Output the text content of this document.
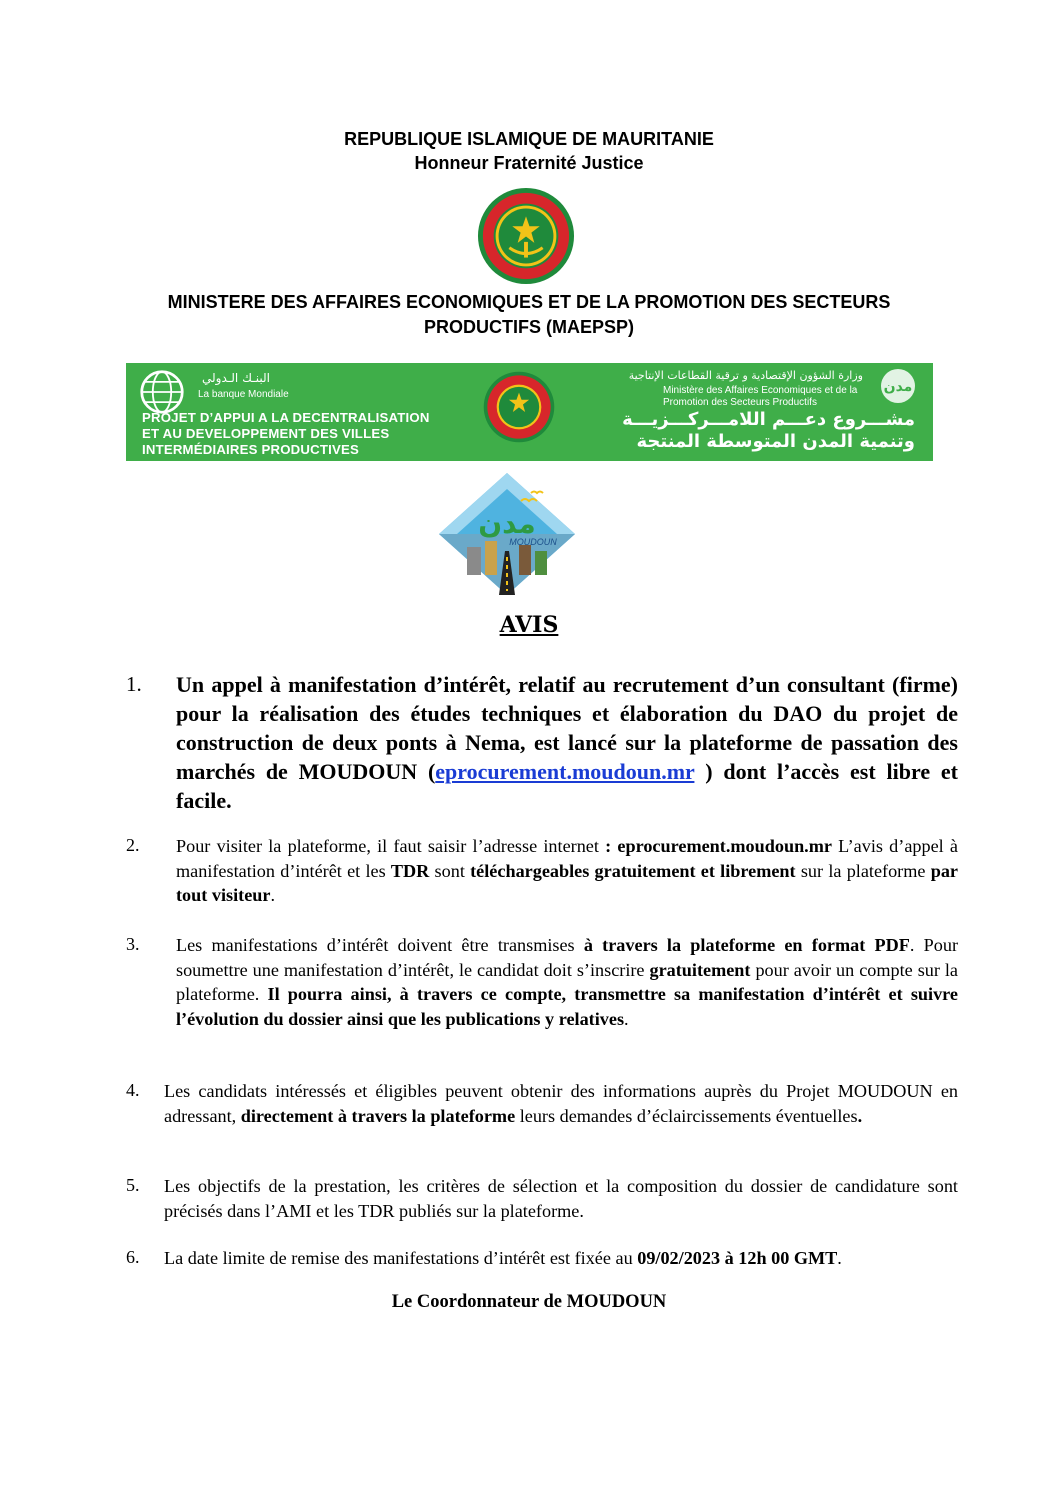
REPUBLIQUE ISLAMIQUE DE MAURITANIE
Honneur Fraternité Justice
MINISTERE DES AFFAIRES ECONOMIQUES ET DE LA PROMOTION DES SECTEURS
PRODUCTIFS (MAEPSP)
البنـك الـدولي
La banque Mondiale
PROJET D’APPUI A LA DECENTRALISATION
ET AU DEVELOPPEMENT DES VILLES
INTERMÉDIAIRES PRODUCTIVES
وزارة الشؤون الإقتصادية و ترقية القطاعات الإنتاجية
Ministère des Affaires Economiques et de la
Promotion des Secteurs Productifs
مشـــروع دعـــم اللامـــركـــزيـــة
وتنمية المدن المتوسطة المنتجة
مدن
مدن
MOUDOUN
AVIS
1. Un appel à manifestation d’intérêt, relatif au recrutement d’un consultant (firme) pour la réalisation des études techniques et élaboration du DAO du projet de construction de deux ponts à Nema, est lancé sur la plateforme de passation des marchés de MOUDOUN (eprocurement.moudoun.mr ) dont l’accès est libre et facile.
2. Pour visiter la plateforme, il faut saisir l’adresse internet : eprocurement.moudoun.mr L’avis d’appel à manifestation d’intérêt et les TDR sont téléchargeables gratuitement et librement sur la plateforme par tout visiteur.
3. Les manifestations d’intérêt doivent être transmises à travers la plateforme en format PDF. Pour soumettre une manifestation d’intérêt, le candidat doit s’inscrire gratuitement pour avoir un compte sur la plateforme. Il pourra ainsi, à travers ce compte, transmettre sa manifestation d’intérêt et suivre l’évolution du dossier ainsi que les publications y relatives.
4. Les candidats intéressés et éligibles peuvent obtenir des informations auprès du Projet MOUDOUN en adressant, directement à travers la plateforme leurs demandes d’éclaircissements éventuelles.
5. Les objectifs de la prestation, les critères de sélection et la composition du dossier de candidature sont précisés dans l’AMI et les TDR publiés sur la plateforme.
6. La date limite de remise des manifestations d’intérêt est fixée au 09/02/2023 à 12h 00 GMT.
Le Coordonnateur de MOUDOUN
